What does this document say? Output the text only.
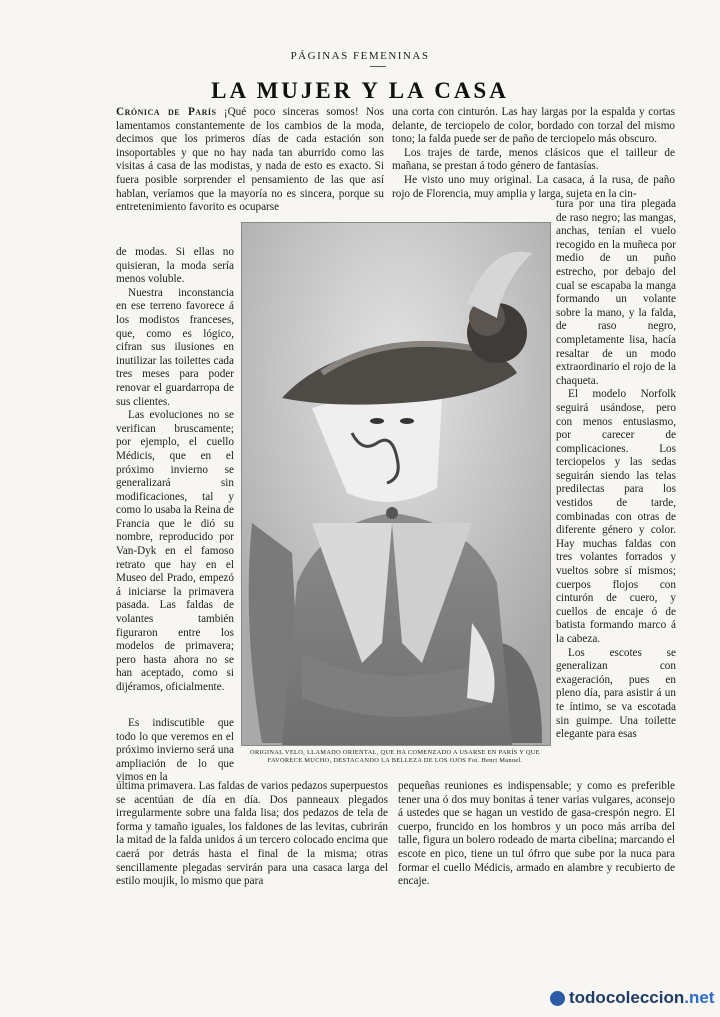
PÁGINAS FEMENINAS
LA MUJER Y LA CASA

Crónica de París ¡Qué poco sinceras somos! Nos lamentamos constantemente de los cambios de la moda, decimos que los primeros días de cada estación son insoportables y que no hay nada tan aburrido como las visitas á casa de las modistas, y nada de esto es exacto. Si fuera posible sorprender el pensamiento de las que así hablan, veríamos que la mayoría no es sincera, porque su entretenimiento favorito es ocuparse

de modas. Si ellas no quisieran, la moda sería menos voluble.

Nuestra inconstancia en ese terreno favorece á los modistos franceses, que, como es lógico, cifran sus ilusiones en inutilizar las toilettes cada tres meses para poder renovar el guardarropa de sus clientes.

Las evoluciones no se verifican bruscamente; por ejemplo, el cuello Médicis, que en el próximo invierno se generalizará sin modificaciones, tal y como lo usaba la Reina de Francia que le dió su nombre, reproducido por Van-Dyk en el famoso retrato que hay en el Museo del Prado, empezó á iniciarse la primavera pasada. Las faldas de volantes también figuraron entre los modelos de primavera; pero hasta ahora no se han aceptado, como si dijéramos, oficialmente.

Es indiscutible que todo lo que veremos en el próximo invierno será una ampliación de lo que vimos en la

última primavera. Las faldas de varios pedazos superpuestos se acentúan de día en día. Dos panneaux plegados irregularmente sobre una falda lisa; dos pedazos de tela de forma y tamaño iguales, los faldones de las levitas, cubrirán la mitad de la falda unidos á un tercero colocado encima que caerá por detrás hasta el final de la misma; otras sencillamente plegadas servirán para una casaca larga del estilo moujik, lo mismo que para

una corta con cinturón. Las hay largas por la espalda y cortas delante, de terciopelo de color, bordado con torzal del mismo tono; la falda puede ser de paño de terciopelo más obscuro.

Los trajes de tarde, menos clásicos que el tailleur de mañana, se prestan á todo género de fantasías.

He visto uno muy original. La casaca, á la rusa, de paño rojo de Florencia, muy amplia y larga, sujeta en la cin-

tura por una tira plegada de raso negro; las mangas, anchas, tenían el vuelo recogido en la muñeca por medio de un puño estrecho, por debajo del cual se escapaba la manga formando un volante sobre la mano, y la falda, de raso negro, completamente lisa, hacía resaltar de un modo extraordinario el rojo de la chaqueta.

El modelo Norfolk seguirá usándose, pero con menos entusiasmo, por carecer de complicaciones. Los terciopelos y las sedas seguirán siendo las telas predilectas para los vestidos de tarde, combinadas con otras de diferente género y color. Hay muchas faldas con tres volantes forrados y vueltos sobre sí mismos; cuerpos flojos con cinturón de cuero, y cuellos de encaje ó de batista formando marco á la cabeza.

Los escotes se generalizan con exageración, pues en pleno día, para asistir á un te íntimo, se va escotada sin guimpe. Una toilette elegante para esas

pequeñas reuniones es indispensable; y como es preferible tener una ó dos muy bonitas á tener varias vulgares, aconsejo á ustedes que se hagan un vestido de gasa-crespón negro. El cuerpo, fruncido en los hombros y un poco más arriba del talle, figura un bolero rodeado de marta cibelina; marcando el escote en pico, tiene un tul ófrro que sube por la nuca para formar el cuello Médicis, armado en alambre y recubierto de encaje.

ORIGINAL VELO, LLAMADO ORIENTAL, QUE HA COMENZADO A USARSE EN PARÍS Y QUE FAVORECE MUCHO, DESTACANDO LA BELLEZA DE LOS OJOS Fot. Henri Manuel.
todo coleccion .net
